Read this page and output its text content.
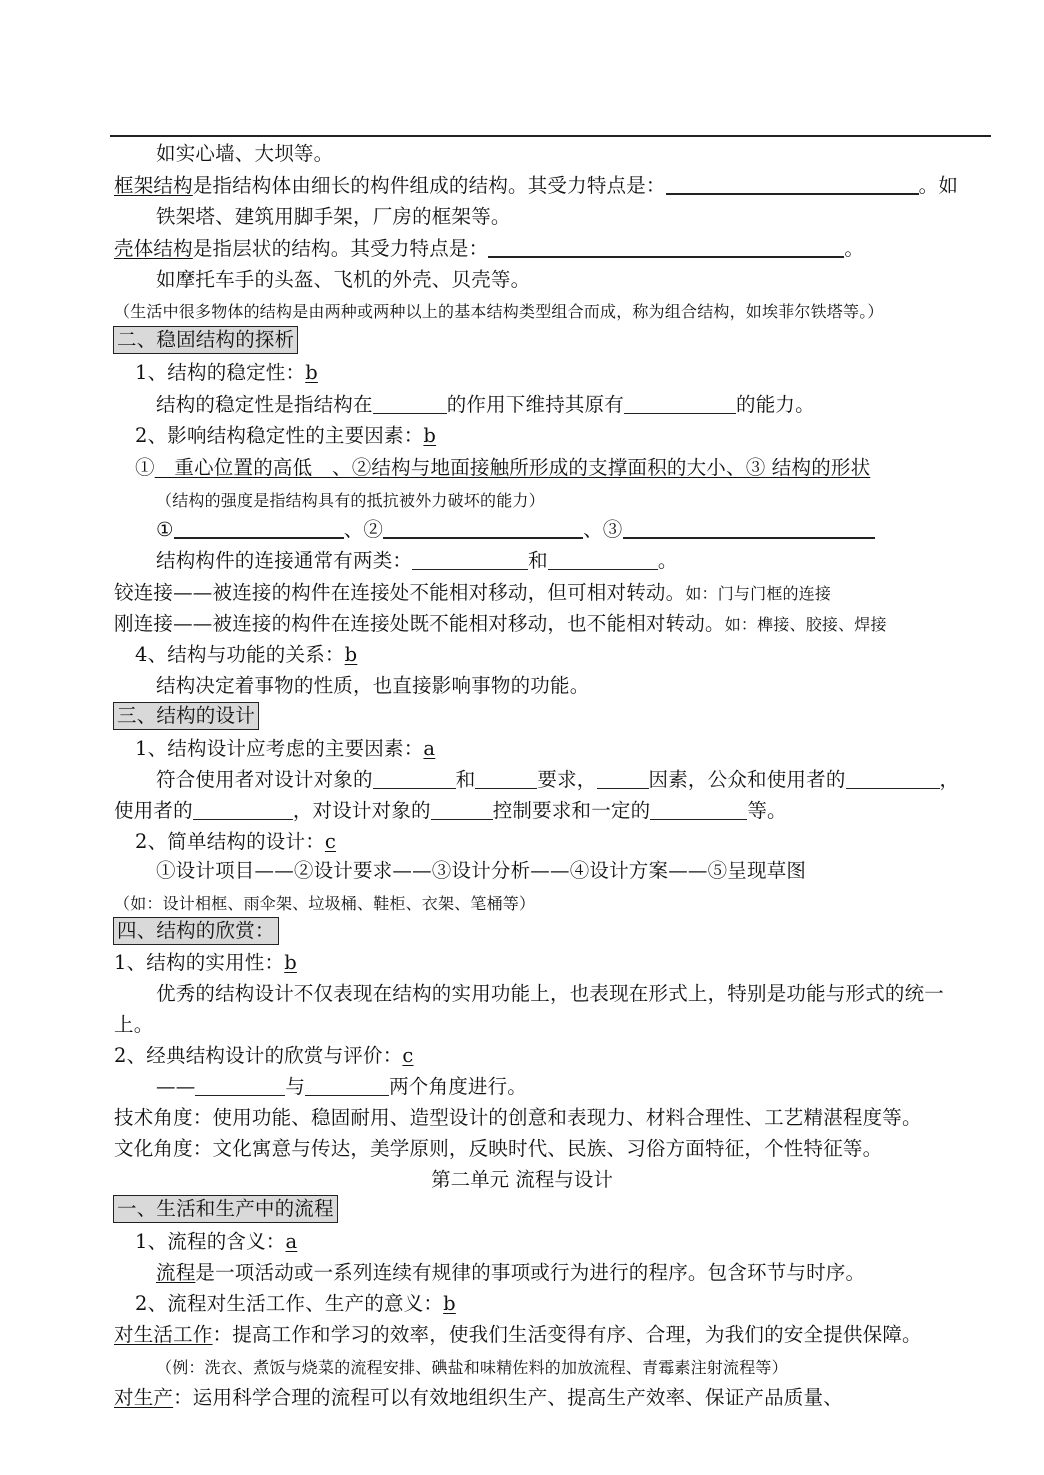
如实心墙、大坝等。
框架结构是指结构体由细长的构件组成的结构。其受力特点是：	。如
铁架塔、建筑用脚手架，厂房的框架等。
壳体结构是指层状的结构。其受力特点是：	。
如摩托车手的头盔、飞机的外壳、贝壳等。
（生活中很多物体的结构是由两种或两种以上的基本结构类型组合而成，称为组合结构，如埃菲尔铁塔等。）
二、稳固结构的探析
1、结构的稳定性：b
结构的稳定性是指结构在	的作用下维持其原有	的能力。
2、影响结构稳定性的主要因素：b
①　重心位置的高低　、②结构与地面接触所形成的支撑面积的大小、③ 结构的形状
（结构的强度是指结构具有的抵抗被外力破坏的能力）
①	、②	、③
结构构件的连接通常有两类：	和	。
铰连接——被连接的构件在连接处不能相对移动，但可相对转动。如：门与门框的连接
刚连接——被连接的构件在连接处既不能相对移动，也不能相对转动。如：榫接、胶接、焊接
4、结构与功能的关系：b
结构决定着事物的性质，也直接影响事物的功能。
三、结构的设计
1、结构设计应考虑的主要因素：a
符合使用者对设计对象的	和	要求，	因素，公众和使用者的	，
使用者的	，对设计对象的	控制要求和一定的	等。
2、简单结构的设计：c
①设计项目——②设计要求——③设计分析——④设计方案——⑤呈现草图
（如：设计相框、雨伞架、垃圾桶、鞋柜、衣架、笔桶等）
四、结构的欣赏：
1、结构的实用性：b
优秀的结构设计不仅表现在结构的实用功能上，也表现在形式上，特别是功能与形式的统一
上。
2、经典结构设计的欣赏与评价：c
——	与	两个角度进行。
技术角度：使用功能、稳固耐用、造型设计的创意和表现力、材料合理性、工艺精湛程度等。
文化角度：文化寓意与传达，美学原则，反映时代、民族、习俗方面特征，个性特征等。
第二单元 流程与设计
一、生活和生产中的流程
1、流程的含义：a
流程是一项活动或一系列连续有规律的事项或行为进行的程序。包含环节与时序。
2、流程对生活工作、生产的意义：b
对生活工作：提高工作和学习的效率，使我们生活变得有序、合理，为我们的安全提供保障。
（例：洗衣、煮饭与烧菜的流程安排、碘盐和味精佐料的加放流程、青霉素注射流程等）
对生产：运用科学合理的流程可以有效地组织生产、提高生产效率、保证产品质量、
